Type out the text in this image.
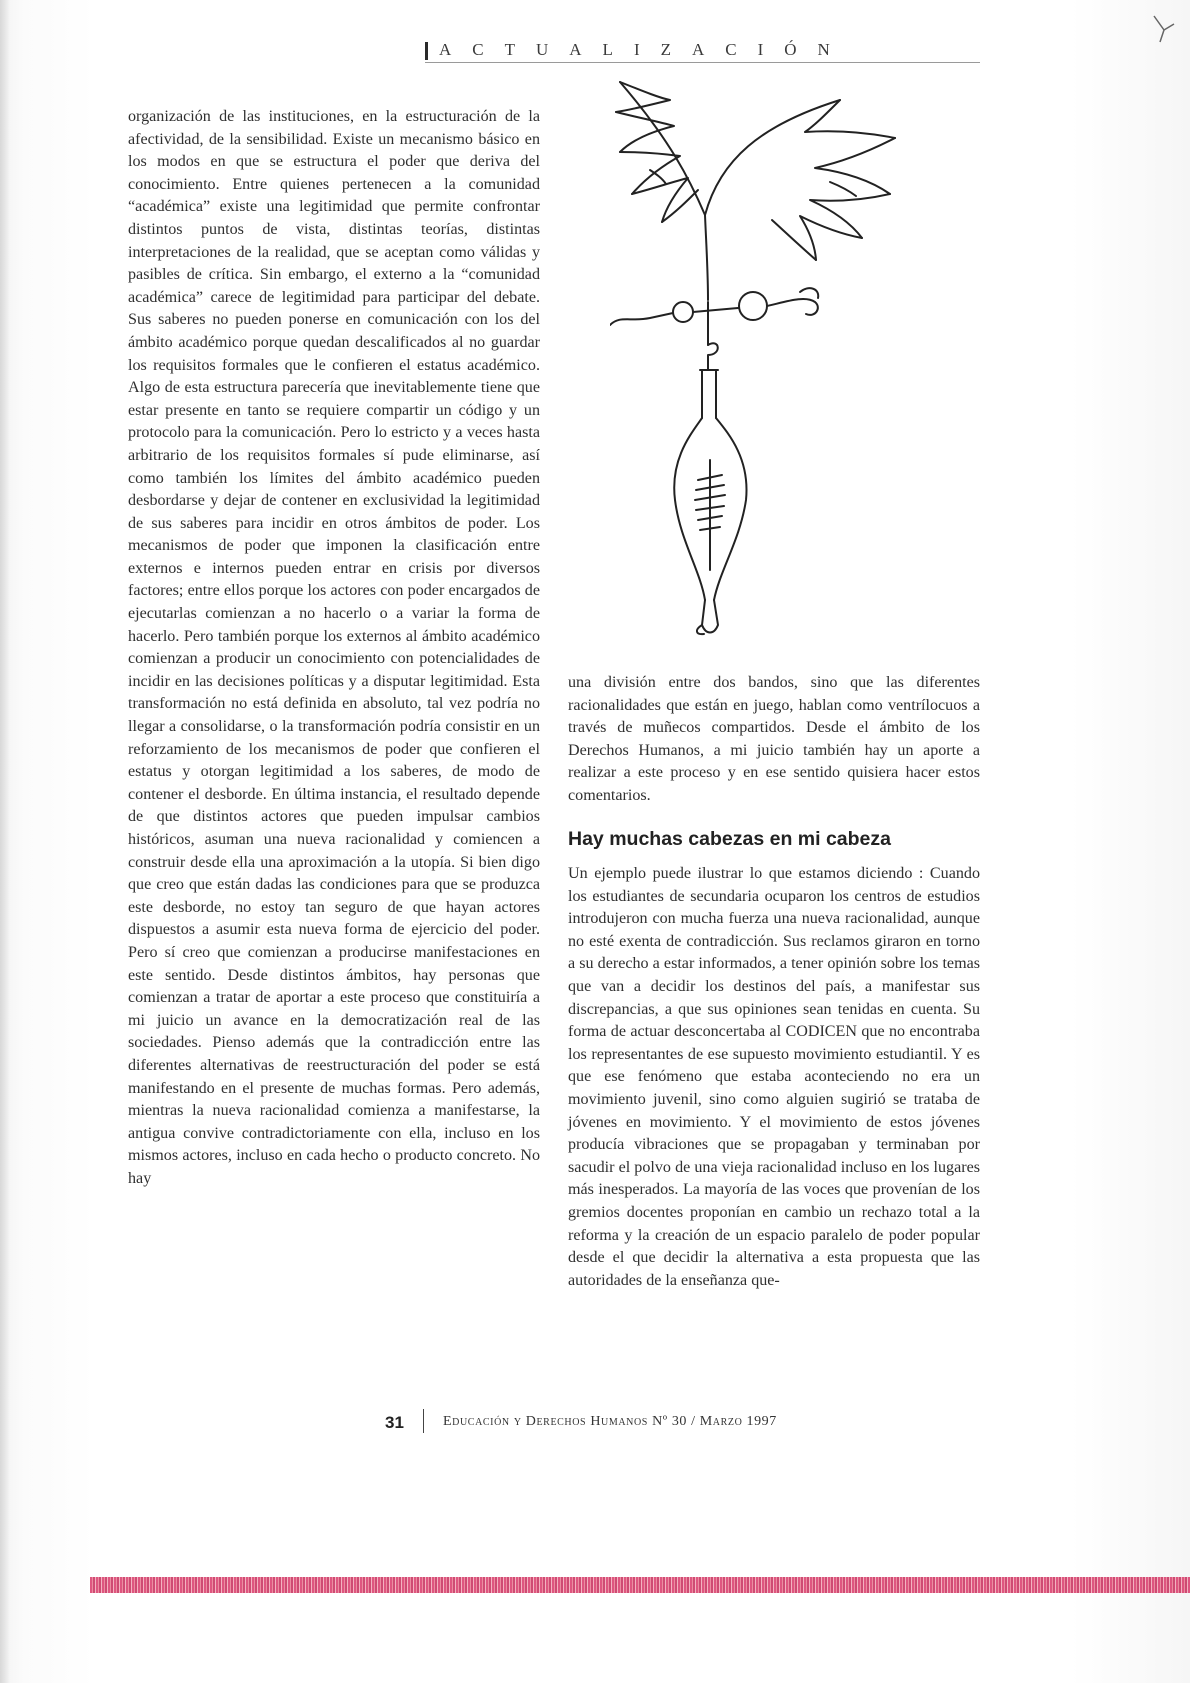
ACTUALIZACIÓN

organización de las instituciones, en la estructuración de la afectividad, de la sensibilidad. Existe un mecanismo básico en los modos en que se estructura el poder que deriva del conocimiento. Entre quienes pertenecen a la comunidad “académica” existe una legitimidad que permite confrontar distintos puntos de vista, distintas teorías, distintas interpretaciones de la realidad, que se aceptan como válidas y pasibles de crítica. Sin embargo, el externo a la “comunidad académica” carece de legitimidad para participar del debate. Sus saberes no pueden ponerse en comunicación con los del ámbito académico porque quedan descalificados al no guardar los requisitos formales que le confieren el estatus académico. Algo de esta estructura parecería que inevitablemente tiene que estar presente en tanto se requiere compartir un código y un protocolo para la comunicación. Pero lo estricto y a veces hasta arbitrario de los requisitos formales sí pude eliminarse, así como también los límites del ámbito académico pueden desbordarse y dejar de contener en exclusividad la legitimidad de sus saberes para incidir en otros ámbitos de poder. Los mecanismos de poder que imponen la clasificación entre externos e internos pueden entrar en crisis por diversos factores; entre ellos porque los actores con poder encargados de ejecutarlas comienzan a no hacerlo o a variar la forma de hacerlo. Pero también porque los externos al ámbito académico comienzan a producir un conocimiento con potencialidades de incidir en las decisiones políticas y a disputar legitimidad. Esta transformación no está definida en absoluto, tal vez podría no llegar a consolidarse, o la transformación podría consistir en un reforzamiento de los mecanismos de poder que confieren el estatus y otorgan legitimidad a los saberes, de modo de contener el desborde. En última instancia, el resultado depende de que distintos actores que pueden impulsar cambios históricos, asuman una nueva racionalidad y comiencen a construir desde ella una aproximación a la utopía. Si bien digo que creo que están dadas las condiciones para que se produzca este desborde, no estoy tan seguro de que hayan actores dispuestos a asumir esta nueva forma de ejercicio del poder. Pero sí creo que comienzan a producirse manifestaciones en este sentido. Desde distintos ámbitos, hay personas que comienzan a tratar de aportar a este proceso que constituiría a mi juicio un avance en la democratización real de las sociedades. Pienso además que la contradicción entre las diferentes alternativas de reestructuración del poder se está manifestando en el presente de muchas formas. Pero además, mientras la nueva racionalidad comienza a manifestarse, la antigua convive contradictoriamente con ella, incluso en los mismos actores, incluso en cada hecho o producto concreto. No hay

una división entre dos bandos, sino que las diferentes racionalidades que están en juego, hablan como ventrílocuos a través de muñecos compartidos. Desde el ámbito de los Derechos Humanos, a mi juicio también hay un aporte a realizar a este proceso y en ese sentido quisiera hacer estos comentarios.

Hay muchas cabezas en mi cabeza

Un ejemplo puede ilustrar lo que estamos diciendo : Cuando los estudiantes de secundaria ocuparon los centros de estudios introdujeron con mucha fuerza una nueva racionalidad, aunque no esté exenta de contradicción. Sus reclamos giraron en torno a su derecho a estar informados, a tener opinión sobre los temas que van a decidir los destinos del país, a manifestar sus discrepancias, a que sus opiniones sean tenidas en cuenta. Su forma de actuar desconcertaba al CODICEN que no encontraba los representantes de ese supuesto movimiento estudiantil. Y es que ese fenómeno que estaba aconteciendo no era un movimiento juvenil, sino como alguien sugirió se trataba de jóvenes en movimiento. Y el movimiento de estos jóvenes producía vibraciones que se propagaban y terminaban por sacudir el polvo de una vieja racionalidad incluso en los lugares más inesperados. La mayoría de las voces que provenían de los gremios docentes proponían en cambio un rechazo total a la reforma y la creación de un espacio paralelo de poder popular desde el que decidir la alternativa a esta propuesta que las autoridades de la enseñanza que-

31	Educación y Derechos Humanos Nº 30 / Marzo 1997
